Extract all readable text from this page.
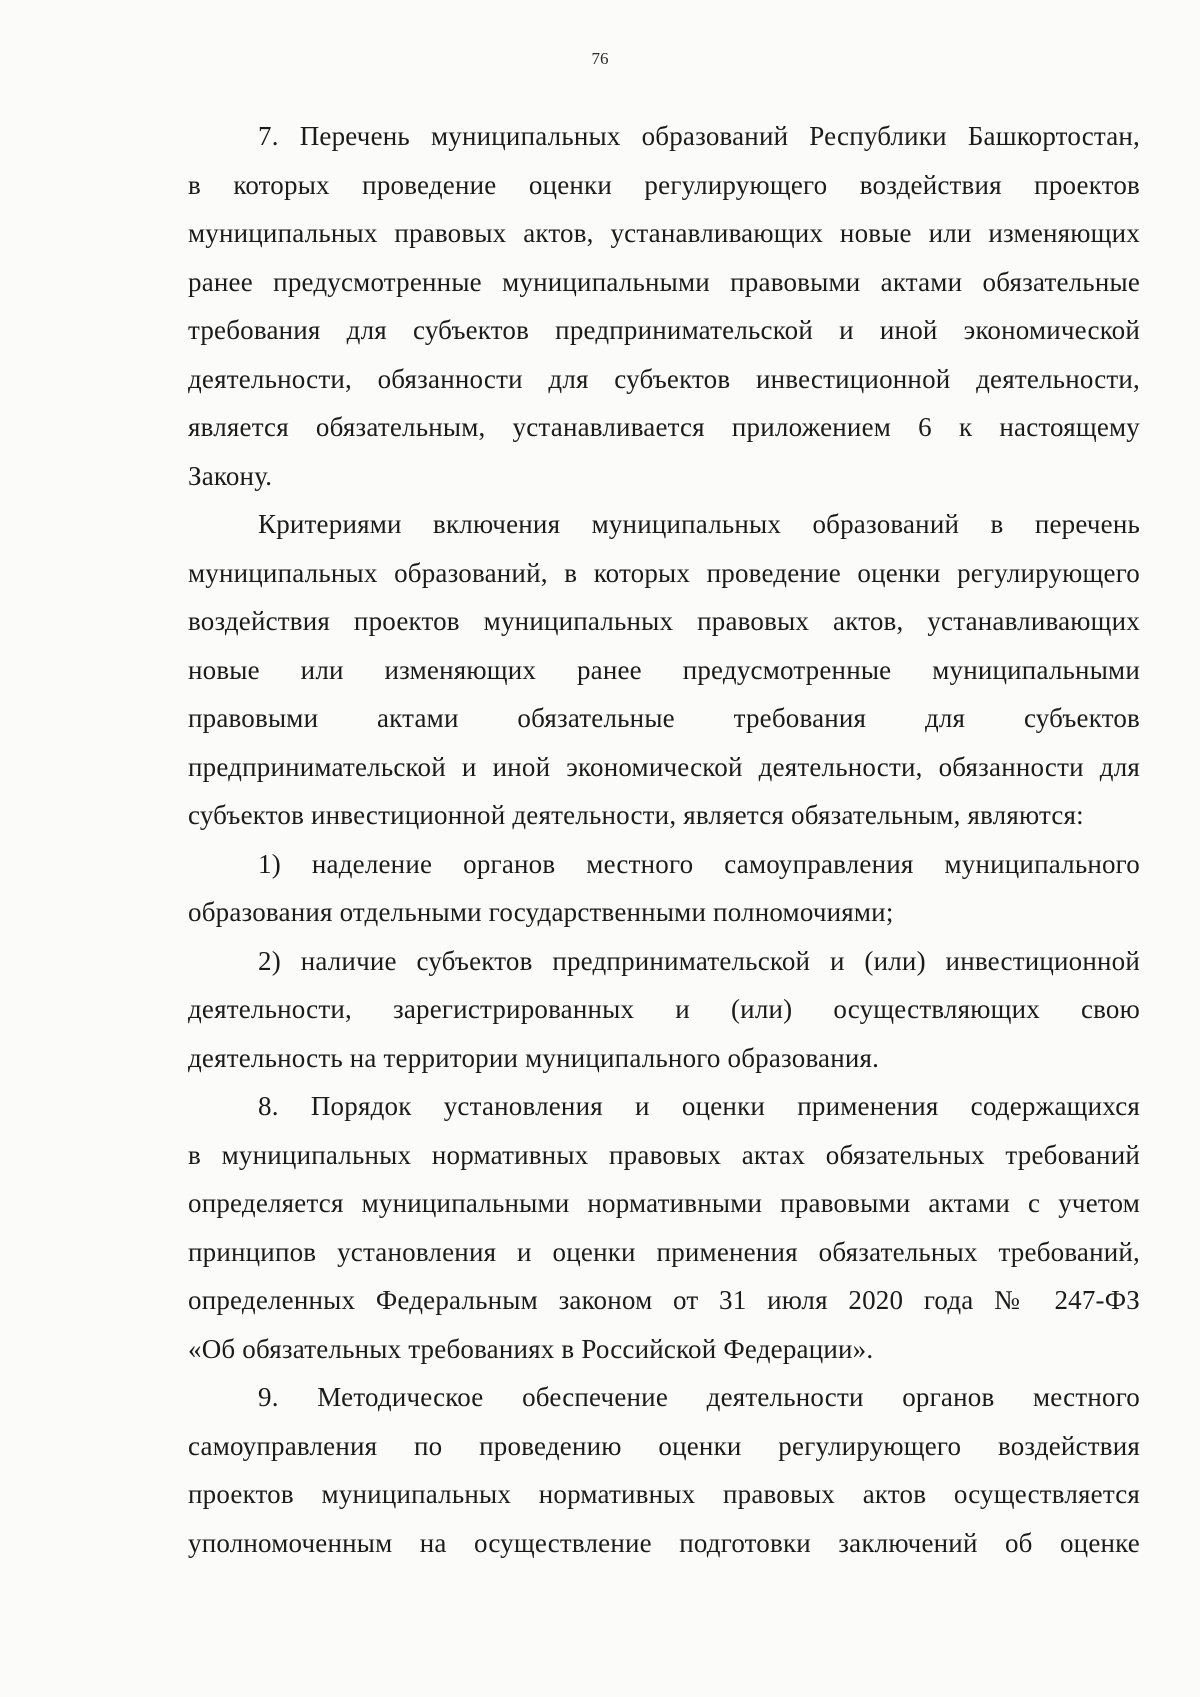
76
7. Перечень муниципальных образований Республики Башкортостан,
в которых проведение оценки регулирующего воздействия проектов
муниципальных правовых актов, устанавливающих новые или изменяющих
ранее предусмотренные муниципальными правовыми актами обязательные
требования для субъектов предпринимательской и иной экономической
деятельности, обязанности для субъектов инвестиционной деятельности,
является обязательным, устанавливается приложением 6 к настоящему
Закону.
Критериями включения муниципальных образований в перечень
муниципальных образований, в которых проведение оценки регулирующего
воздействия проектов муниципальных правовых актов, устанавливающих
новые или изменяющих ранее предусмотренные муниципальными
правовыми актами обязательные требования для субъектов
предпринимательской и иной экономической деятельности, обязанности для
субъектов инвестиционной деятельности, является обязательным, являются:
1) наделение органов местного самоуправления муниципального
образования отдельными государственными полномочиями;
2) наличие субъектов предпринимательской и (или) инвестиционной
деятельности, зарегистрированных и (или) осуществляющих свою
деятельность на территории муниципального образования.
8. Порядок установления и оценки применения содержащихся
в муниципальных нормативных правовых актах обязательных требований
определяется муниципальными нормативными правовыми актами с учетом
принципов установления и оценки применения обязательных требований,
определенных Федеральным законом от 31 июля 2020 года № 247-ФЗ
«Об обязательных требованиях в Российской Федерации».
9. Методическое обеспечение деятельности органов местного
самоуправления по проведению оценки регулирующего воздействия
проектов муниципальных нормативных правовых актов осуществляется
уполномоченным на осуществление подготовки заключений об оценке
